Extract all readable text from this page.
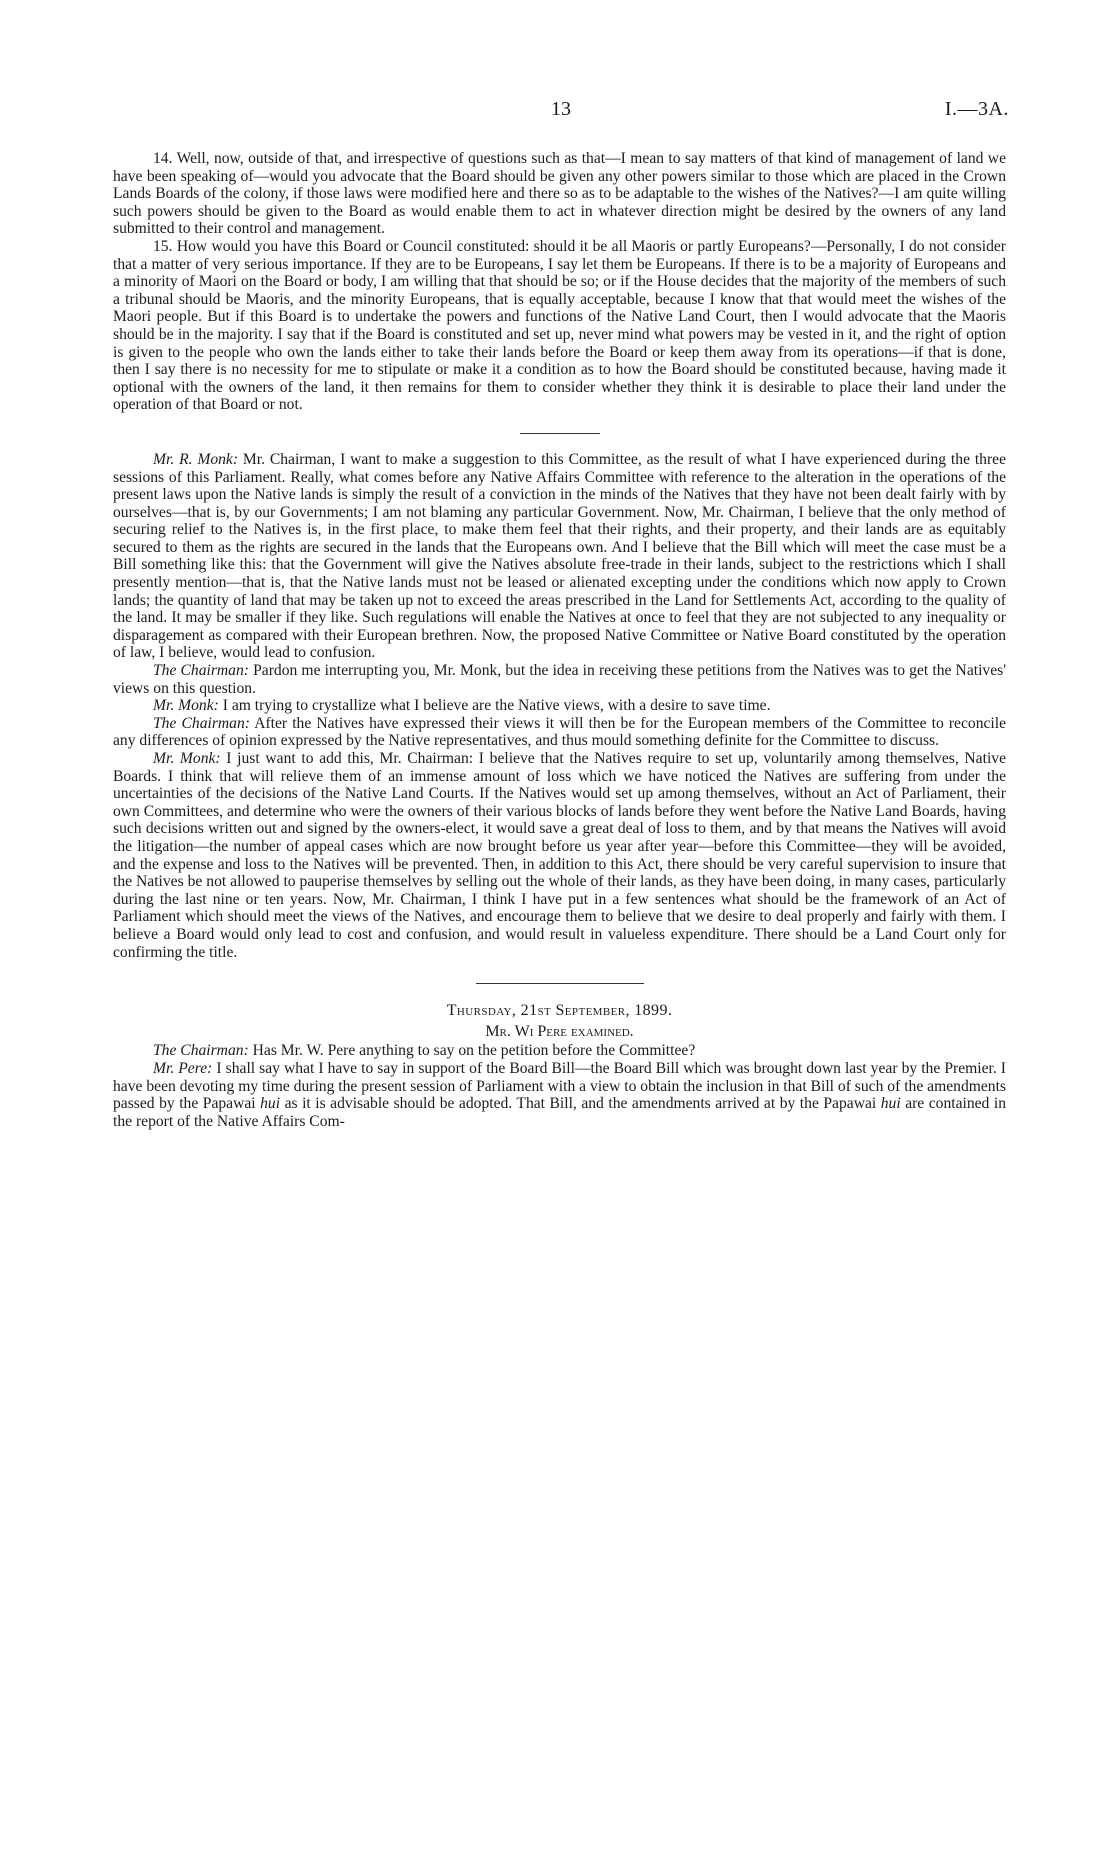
13	I.—3A.

14. Well, now, outside of that, and irrespective of questions such as that—I mean to say matters of that kind of management of land we have been speaking of—would you advocate that the Board should be given any other powers similar to those which are placed in the Crown Lands Boards of the colony, if those laws were modified here and there so as to be adaptable to the wishes of the Natives?—I am quite willing such powers should be given to the Board as would enable them to act in whatever direction might be desired by the owners of any land submitted to their control and management.

15. How would you have this Board or Council constituted: should it be all Maoris or partly Europeans?—Personally, I do not consider that a matter of very serious importance. If they are to be Europeans, I say let them be Europeans. If there is to be a majority of Europeans and a minority of Maori on the Board or body, I am willing that that should be so; or if the House decides that the majority of the members of such a tribunal should be Maoris, and the minority Europeans, that is equally acceptable, because I know that that would meet the wishes of the Maori people. But if this Board is to undertake the powers and functions of the Native Land Court, then I would advocate that the Maoris should be in the majority. I say that if the Board is constituted and set up, never mind what powers may be vested in it, and the right of option is given to the people who own the lands either to take their lands before the Board or keep them away from its operations—if that is done, then I say there is no necessity for me to stipulate or make it a condition as to how the Board should be constituted because, having made it optional with the owners of the land, it then remains for them to consider whether they think it is desirable to place their land under the operation of that Board or not.

Mr. R. Monk: Mr. Chairman, I want to make a suggestion to this Committee, as the result of what I have experienced during the three sessions of this Parliament. Really, what comes before any Native Affairs Committee with reference to the alteration in the operations of the present laws upon the Native lands is simply the result of a conviction in the minds of the Natives that they have not been dealt fairly with by ourselves—that is, by our Governments; I am not blaming any particular Government. Now, Mr. Chairman, I believe that the only method of securing relief to the Natives is, in the first place, to make them feel that their rights, and their property, and their lands are as equitably secured to them as the rights are secured in the lands that the Europeans own. And I believe that the Bill which will meet the case must be a Bill something like this: that the Government will give the Natives absolute free-trade in their lands, subject to the restrictions which I shall presently mention—that is, that the Native lands must not be leased or alienated excepting under the conditions which now apply to Crown lands; the quantity of land that may be taken up not to exceed the areas prescribed in the Land for Settlements Act, according to the quality of the land. It may be smaller if they like. Such regulations will enable the Natives at once to feel that they are not subjected to any inequality or disparagement as compared with their European brethren. Now, the proposed Native Committee or Native Board constituted by the operation of law, I believe, would lead to confusion.

The Chairman: Pardon me interrupting you, Mr. Monk, but the idea in receiving these petitions from the Natives was to get the Natives' views on this question.

Mr. Monk: I am trying to crystallize what I believe are the Native views, with a desire to save time.

The Chairman: After the Natives have expressed their views it will then be for the European members of the Committee to reconcile any differences of opinion expressed by the Native representatives, and thus mould something definite for the Committee to discuss.

Mr. Monk: I just want to add this, Mr. Chairman: I believe that the Natives require to set up, voluntarily among themselves, Native Boards. I think that will relieve them of an immense amount of loss which we have noticed the Natives are suffering from under the uncertainties of the decisions of the Native Land Courts. If the Natives would set up among themselves, without an Act of Parliament, their own Committees, and determine who were the owners of their various blocks of lands before they went before the Native Land Boards, having such decisions written out and signed by the owners-elect, it would save a great deal of loss to them, and by that means the Natives will avoid the litigation—the number of appeal cases which are now brought before us year after year—before this Committee—they will be avoided, and the expense and loss to the Natives will be prevented. Then, in addition to this Act, there should be very careful supervision to insure that the Natives be not allowed to pauperise themselves by selling out the whole of their lands, as they have been doing, in many cases, particularly during the last nine or ten years. Now, Mr. Chairman, I think I have put in a few sentences what should be the framework of an Act of Parliament which should meet the views of the Natives, and encourage them to believe that we desire to deal properly and fairly with them. I believe a Board would only lead to cost and confusion, and would result in valueless expenditure. There should be a Land Court only for confirming the title.

Thursday, 21st September, 1899.
Mr. Wi Pere examined.

The Chairman: Has Mr. W. Pere anything to say on the petition before the Committee?

Mr. Pere: I shall say what I have to say in support of the Board Bill—the Board Bill which was brought down last year by the Premier. I have been devoting my time during the present session of Parliament with a view to obtain the inclusion in that Bill of such of the amendments passed by the Papawai hui as it is advisable should be adopted. That Bill, and the amendments arrived at by the Papawai hui are contained in the report of the Native Affairs Com-
